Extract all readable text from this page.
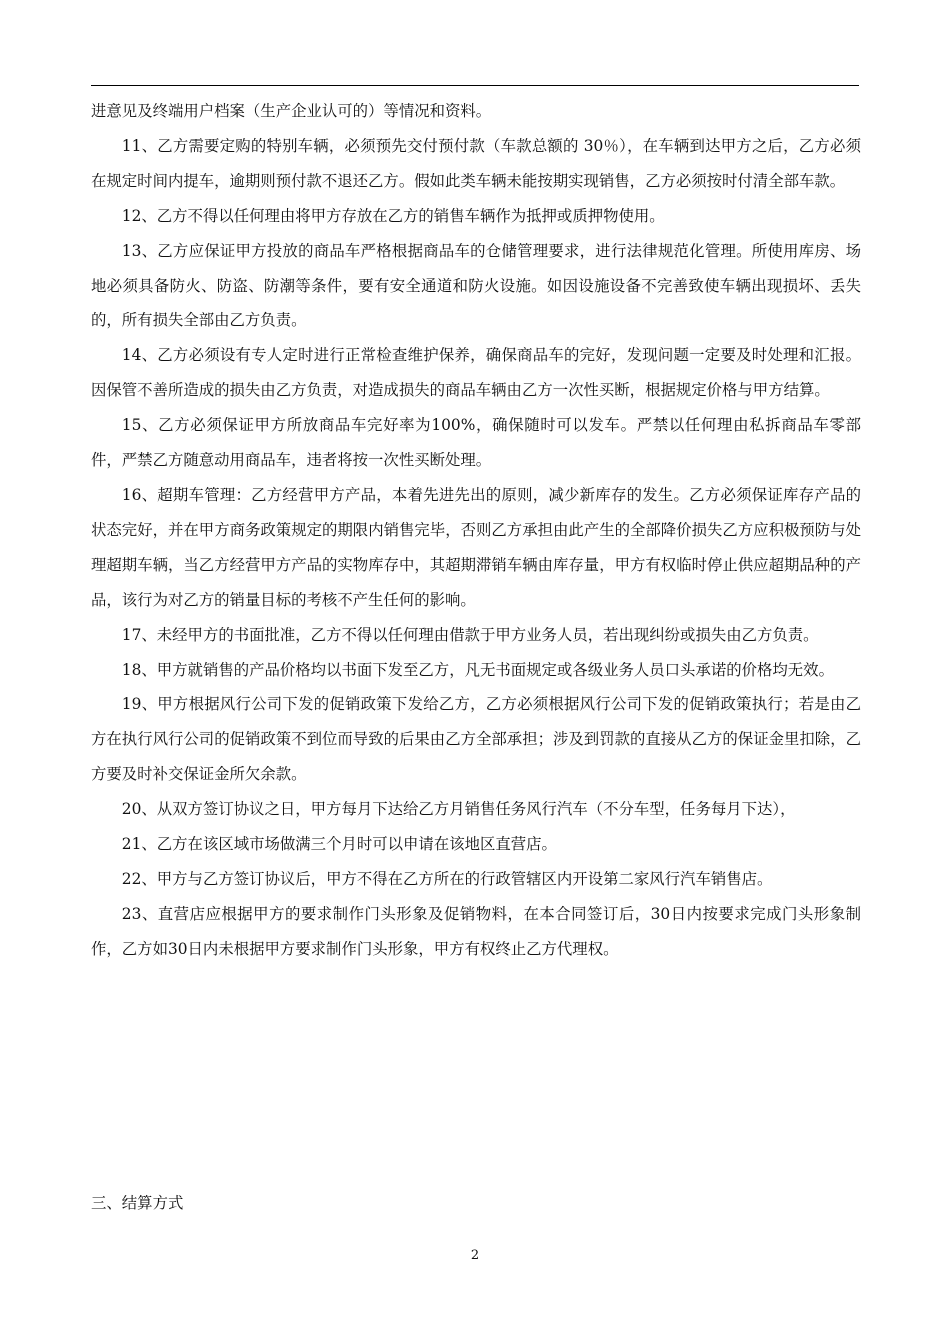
进意见及终端用户档案（生产企业认可的）等情况和资料。

11、乙方需要定购的特别车辆，必须预先交付预付款（车款总额的 30％），在车辆到达甲方之后，乙方必须在规定时间内提车，逾期则预付款不退还乙方。假如此类车辆未能按期实现销售，乙方必须按时付清全部车款。

12、乙方不得以任何理由将甲方存放在乙方的销售车辆作为抵押或质押物使用。

13、乙方应保证甲方投放的商品车严格根据商品车的仓储管理要求，进行法律规范化管理。所使用库房、场地必须具备防火、防盗、防潮等条件，要有安全通道和防火设施。如因设施设备不完善致使车辆出现损坏、丢失的，所有损失全部由乙方负责。

14、乙方必须设有专人定时进行正常检查维护保养，确保商品车的完好，发现问题一定要及时处理和汇报。因保管不善所造成的损失由乙方负责，对造成损失的商品车辆由乙方一次性买断，根据规定价格与甲方结算。

15、乙方必须保证甲方所放商品车完好率为100%，确保随时可以发车。严禁以任何理由私拆商品车零部件，严禁乙方随意动用商品车，违者将按一次性买断处理。

16、超期车管理：乙方经营甲方产品，本着先进先出的原则，减少新库存的发生。乙方必须保证库存产品的状态完好，并在甲方商务政策规定的期限内销售完毕，否则乙方承担由此产生的全部降价损失乙方应积极预防与处理超期车辆，当乙方经营甲方产品的实物库存中，其超期滞销车辆由库存量，甲方有权临时停止供应超期品种的产品，该行为对乙方的销量目标的考核不产生任何的影响。

17、未经甲方的书面批准，乙方不得以任何理由借款于甲方业务人员，若出现纠纷或损失由乙方负责。

18、甲方就销售的产品价格均以书面下发至乙方，凡无书面规定或各级业务人员口头承诺的价格均无效。

19、甲方根据风行公司下发的促销政策下发给乙方，乙方必须根据风行公司下发的促销政策执行；若是由乙方在执行风行公司的促销政策不到位而导致的后果由乙方全部承担；涉及到罚款的直接从乙方的保证金里扣除，乙方要及时补交保证金所欠余款。

20、从双方签订协议之日，甲方每月下达给乙方月销售任务风行汽车（不分车型，任务每月下达），

21、乙方在该区域市场做满三个月时可以申请在该地区直营店。

22、甲方与乙方签订协议后，甲方不得在乙方所在的行政管辖区内开设第二家风行汽车销售店。

23、直营店应根据甲方的要求制作门头形象及促销物料，在本合同签订后，30日内按要求完成门头形象制作，乙方如30日内未根据甲方要求制作门头形象，甲方有权终止乙方代理权。

三、结算方式

2
